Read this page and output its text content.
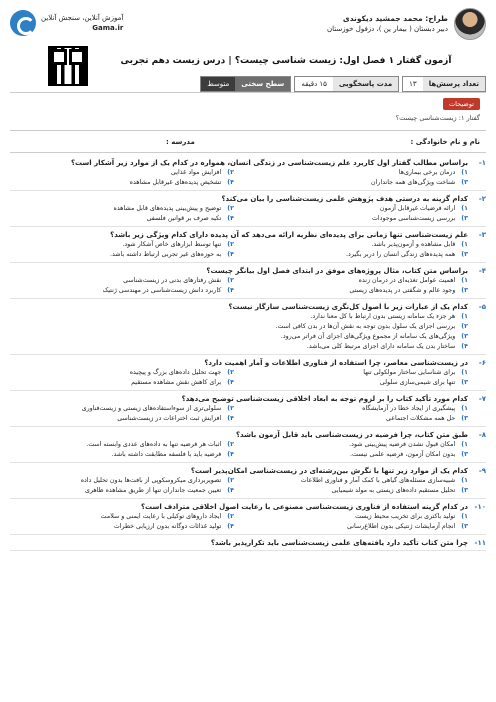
طراح: محمد جمشید دیکوندی
دبیر دبستان ( بیمار ین )، دزفول خوزستان
آموزش آنلاین، سنجش آنلاین
Gama.ir
آزمون گفتار ۱ فصل اول: زیست شناسی چیست؟ | درس زیست دهم تجربی
تعداد پرسش‌ها
۱۳
مدت پاسخگویی
۱۵ دقیقه
سطح سختی
متوسط
توضیحات
گفتار ۱: زیست‌شناسی چیست؟
نام و نام خانوادگی :
مدرسه :
۱-
براساس مطالب گفتار اول کاربرد علم زیست‌شناسی در زندگی انسان، همواره در کدام یک از موارد زیر آشکار است؟
۱)
درمان برخی بیماری‌ها
۲)
افزایش مواد غذایی
۳)
شناخت ویژگی‌های همه جانداران
۴)
تشخیص پدیده‌های غیرقابل مشاهده
۲-
کدام گزینه به درستی هدف پژوهش علمی زیست‌شناسی را بیان می‌کند؟
۱)
ارائه فرضیات غیرقابل آزمون
۲)
توضیح و پیش‌بینی پدیده‌های قابل مشاهده
۳)
بررسی زیست‌شناسی موجودات
۴)
تکیه صرف بر قوانین فلسفی
۳-
علم زیست‌شناسی تنها زمانی برای پدیده‌ای نظریه ارائه می‌دهد که آن پدیده دارای کدام ویژگی زیر باشد؟
۱)
قابل مشاهده و آزمون‌پذیر باشد.
۲)
تنها توسط ابزارهای خاص آشکار شود.
۳)
همه پدیده‌های زندگی انسان را دربر بگیرد.
۴)
به حوزه‌های غیر تجربی ارتباط داشته باشد.
۴-
براساس متن کتاب، مثال پروژه‌های موفق در ابتدای فصل اول بیانگر چیست؟
۱)
اهمیت عوامل تغذیه‌ای در درمان زنده
۲)
نقش رفتارهای بدنی در زیست‌شناسی
۳)
وجود عالم و شگفتی در پدیده‌های زیستی
۴)
کاربرد دانش زیست‌شناسی در مهندسی ژنتیک
۵-
کدام یک از عبارات زیر با اصول کل‌نگری زیست‌شناسی سازگار نیست؟
۱)
هر جزء یک سامانه زیستی بدون ارتباط با کل معنا ندارد.
۲)
بررسی اجزای یک سلول بدون توجه به نقش آن‌ها در بدن کافی است.
۳)
ویژگی‌های یک سامانه از مجموع ویژگی‌های اجزای آن فراتر می‌رود.
۴)
ساختار بدن یک سامانه دارای اجزای مرتبط کلی می‌باشد.
۶-
در زیست‌شناسی معاصر، چرا استفاده از فناوری اطلاعات و آمار اهمیت دارد؟
۱)
برای شناسایی ساختار مولکولی تنها
۲)
جهت تحلیل داده‌های بزرگ و پیچیده
۳)
تنها برای شیمی‌سازی سلولی
۴)
برای کاهش نقش مشاهده مستقیم
۷-
کدام مورد تأکید کتاب را بر لزوم توجه به ابعاد اخلاقی زیست‌شناسی توضیح می‌دهد؟
۱)
پیشگیری از ایجاد خطا در آزمایشگاه
۲)
سلولی‌تری از سوءاستفاده‌های زیستی و زیست‌فناوری
۳)
حل همه مشکلات اجتماعی
۴)
افزایش ثبت اختراعات در زیست‌شناسی
۸-
طبق متن کتاب، چرا فرضیه در زیست‌شناسی باید قابل آزمون باشد؟
۱)
امکان قبول نشدن فرضیه پیش‌بینی شود.
۲)
اثبات هر فرضیه تنها به داده‌های عددی وابسته است.
۳)
بدون امکان آزمون، فرضیه علمی نیست.
۴)
فرضیه باید با فلسفه مطابقت داشته باشد.
۹-
کدام یک از موارد زیر تنها با نگرش بین‌رشته‌ای در زیست‌شناسی امکان‌پذیر است؟
۱)
شبیه‌سازی مسئله‌های گیاهی با کمک آمار و فناوری اطلاعات
۲)
تصویربرداری میکروسکوپی از بافت‌ها بدون تحلیل داده
۳)
تحلیل مستقیم داده‌های زیستی به مولد شیمیایی
۴)
تعیین جمعیت جانداران تنها از طریق مشاهده ظاهری
۱۰-
در کدام گزینه استفاده از فناوری زیست‌شناسی مصنوعی با رعایت اصول اخلاقی مترادف است؟
۱)
تولید باکتری برای تخریب محیط زیست
۲)
ایجاد داروهای توکیلی با رعایت ایمنی و سلامت
۳)
انجام آزمایشات ژنتیکی بدون اطلاع‌رسانی
۴)
تولید غذائات دوگانه بدون ارزیابی خطرات
۱۱-
چرا متن کتاب تأکید دارد یافته‌های علمی زیست‌شناسی باید تکرارپذیر باشد؟
